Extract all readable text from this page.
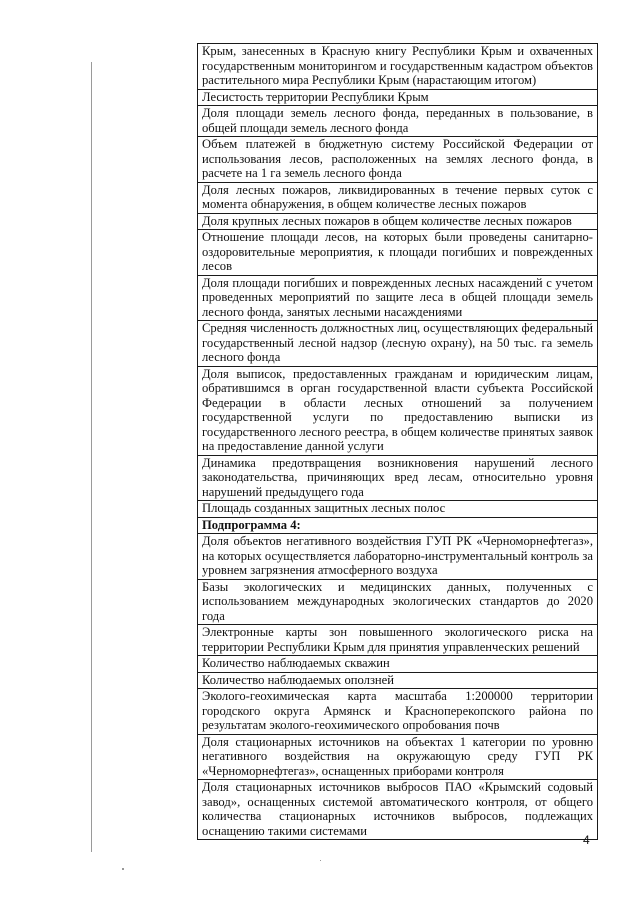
Крым, занесенных в Красную книгу Республики Крым и охваченных государственным мониторингом и государственным кадастром объектов растительного мира Республики Крым (нарастающим итогом)
Лесистость территории Республики Крым
Доля площади земель лесного фонда, переданных в пользование, в общей площади земель лесного фонда
Объем платежей в бюджетную систему Российской Федерации от использования лесов, расположенных на землях лесного фонда, в расчете на 1 га земель лесного фонда
Доля лесных пожаров, ликвидированных в течение первых суток с момента обнаружения, в общем количестве лесных пожаров
Доля крупных лесных пожаров в общем количестве лесных пожаров
Отношение площади лесов, на которых были проведены санитарно-оздоровительные мероприятия, к площади погибших и поврежденных лесов
Доля площади погибших и поврежденных лесных насаждений с учетом проведенных мероприятий по защите леса в общей площади земель лесного фонда, занятых лесными насаждениями
Средняя численность должностных лиц, осуществляющих федеральный государственный лесной надзор (лесную охрану), на 50 тыс. га земель лесного фонда
Доля выписок, предоставленных гражданам и юридическим лицам, обратившимся в орган государственной власти субъекта Российской Федерации в области лесных отношений за получением государственной услуги по предоставлению выписки из государственного лесного реестра, в общем количестве принятых заявок на предоставление данной услуги
Динамика предотвращения возникновения нарушений лесного законодательства, причиняющих вред лесам, относительно уровня нарушений предыдущего года
Площадь созданных защитных лесных полос
Подпрограмма 4:
Доля объектов негативного воздействия ГУП РК «Черноморнефтегаз», на которых осуществляется лабораторно-инструментальный контроль за уровнем загрязнения атмосферного воздуха
Базы экологических и медицинских данных, полученных с использованием международных экологических стандартов до 2020 года
Электронные карты зон повышенного экологического риска на территории Республики Крым для принятия управленческих решений
Количество наблюдаемых скважин
Количество наблюдаемых оползней
Эколого-геохимическая карта масштаба 1:200000 территории городского округа Армянск и Красноперекопского района по результатам эколого-геохимического опробования почв
Доля стационарных источников на объектах 1 категории по уровню негативного воздействия на окружающую среду ГУП РК «Черноморнефтегаз», оснащенных приборами контроля
Доля стационарных источников выбросов ПАО «Крымский содовый завод», оснащенных системой автоматического контроля, от общего количества стационарных источников выбросов, подлежащих оснащению такими системами
4
